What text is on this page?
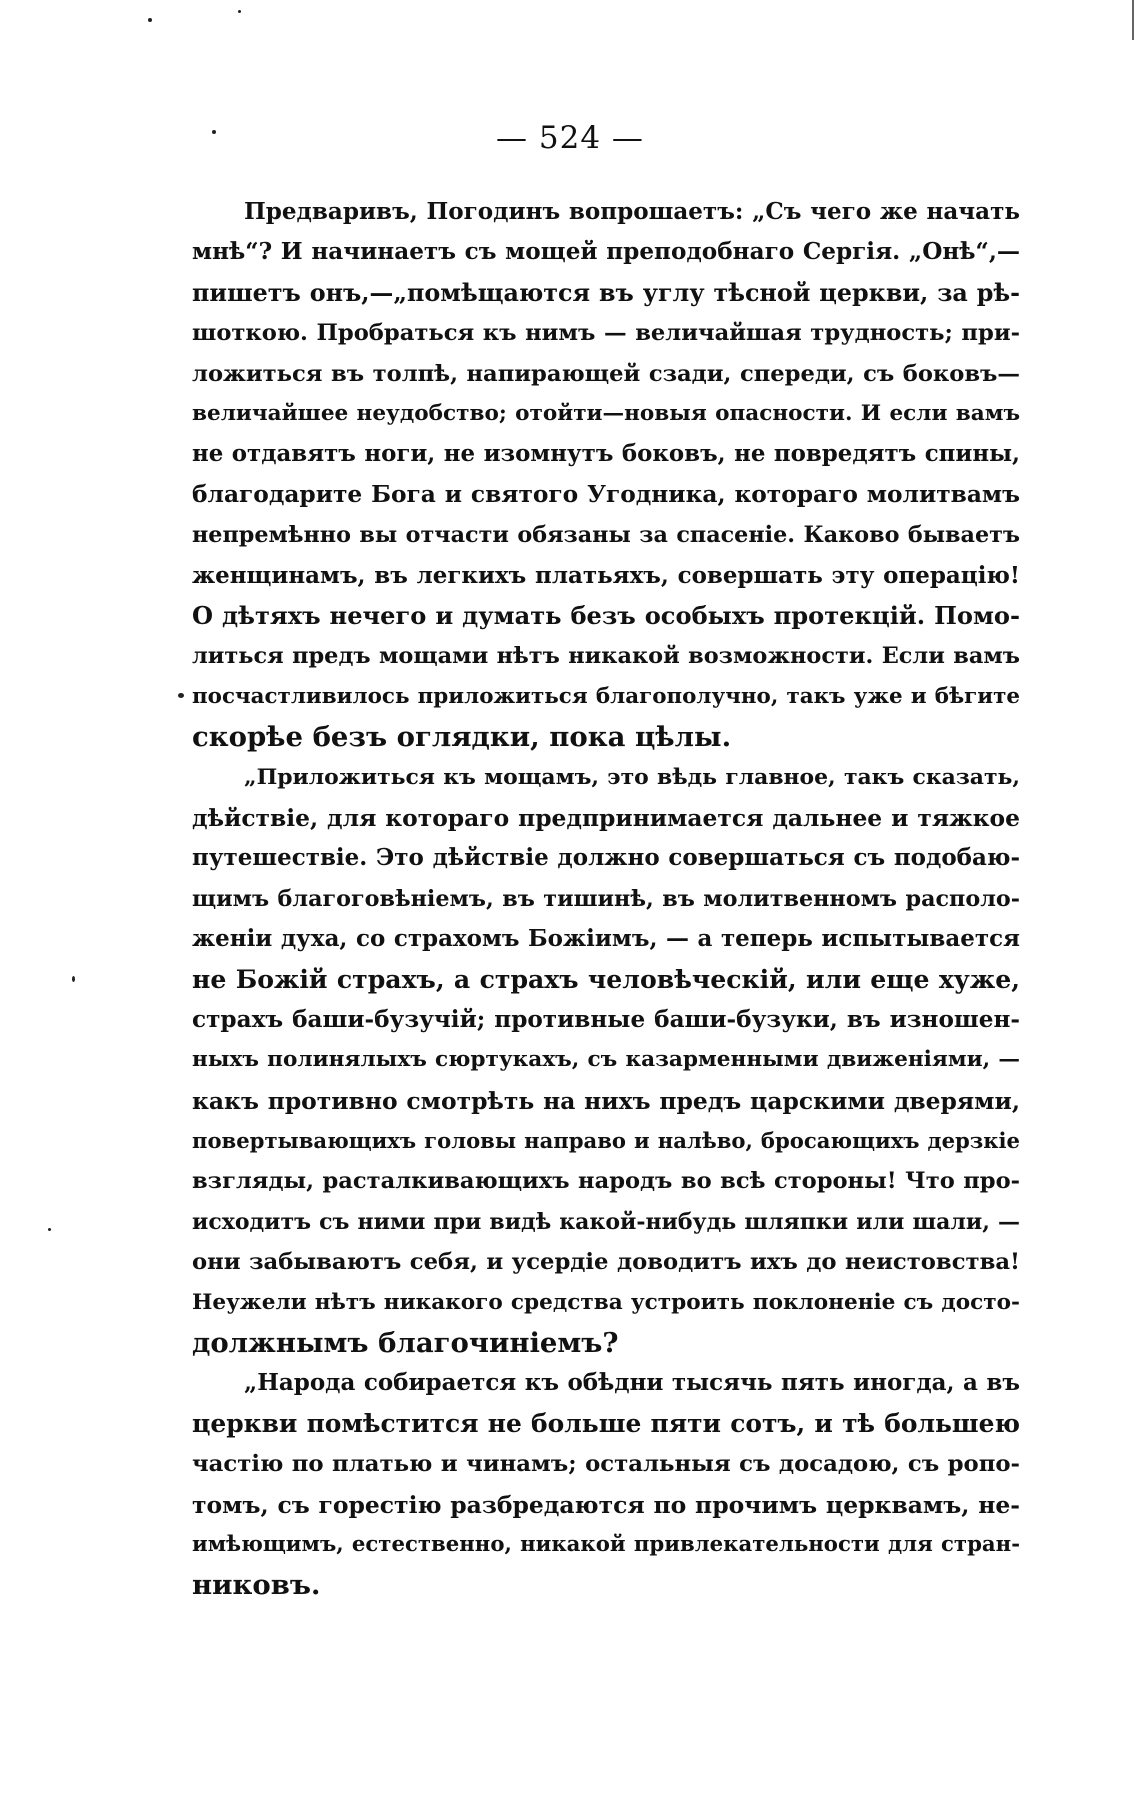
— 524 —
Предваривъ, Погодинъ вопрошаетъ: „Съ чего же начать
мнѣ“? И начинаетъ съ мощей преподобнаго Сергія. „Онѣ“,—
пишетъ онъ,—„помѣщаются въ углу тѣсной церкви, за рѣ-
шоткою. Пробраться къ нимъ — величайшая трудность; при-
ложиться въ толпѣ, напирающей сзади, спереди, съ боковъ—
величайшее неудобство; отойти—новыя опасности. И если вамъ
не отдавятъ ноги, не изомнутъ боковъ, не повредятъ спины,
благодарите Бога и святого Угодника, котораго молитвамъ
непремѣнно вы отчасти обязаны за спасеніе. Каково бываетъ
женщинамъ, въ легкихъ платьяхъ, совершать эту операцію!
О дѣтяхъ нечего и думать безъ особыхъ протекцій. Помо-
литься предъ мощами нѣтъ никакой возможности. Если вамъ
посчастливилось приложиться благополучно, такъ уже и бѣгите
скорѣе безъ оглядки, пока цѣлы.
„Приложиться къ мощамъ, это вѣдь главное, такъ сказать,
дѣйствіе, для котораго предпринимается дальнее и тяжкое
путешествіе. Это дѣйствіе должно совершаться съ подобаю-
щимъ благоговѣніемъ, въ тишинѣ, въ молитвенномъ располо-
женіи духа, со страхомъ Божіимъ, — а теперь испытывается
не Божій страхъ, а страхъ человѣческій, или еще хуже,
страхъ баши-бузучій; противные баши-бузуки, въ изношен-
ныхъ полинялыхъ сюртукахъ, съ казарменными движеніями, —
какъ противно смотрѣть на нихъ предъ царскими дверями,
повертывающихъ головы направо и налѣво, бросающихъ дерзкіе
взгляды, расталкивающихъ народъ во всѣ стороны! Что про-
исходитъ съ ними при видѣ какой-нибудь шляпки или шали, —
они забываютъ себя, и усердіе доводитъ ихъ до неистовства!
Неужели нѣтъ никакого средства устроить поклоненіе съ досто-
должнымъ благочиніемъ?
„Народа собирается къ обѣдни тысячь пять иногда, а въ
церкви помѣстится не больше пяти сотъ, и тѣ большею
частію по платью и чинамъ; остальныя съ досадою, съ ропо-
томъ, съ горестію разбредаются по прочимъ церквамъ, не-
имѣющимъ, естественно, никакой привлекательности для стран-
никовъ.
